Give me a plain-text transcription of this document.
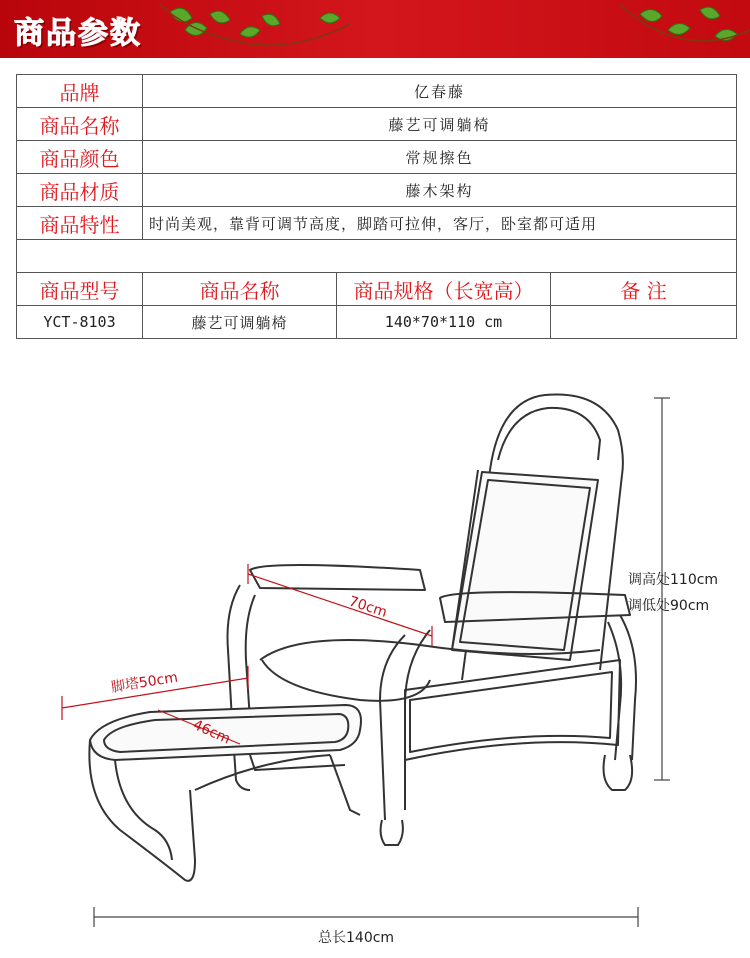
商品参数
品牌	亿春藤		
商品名称	藤艺可调躺椅		
商品颜色	常规擦色		
商品材质	藤木架构		
商品特性	时尚美观，靠背可调节高度，脚踏可拉伸，客厅，卧室都可适用		

商品型号	商品名称	商品规格（长宽高）	备 注
YCT-8103	藤艺可调躺椅	140*70*110 cm	
70cm
脚塔50cm
46cm
调高处110cm
调低处90cm
总长140cm
